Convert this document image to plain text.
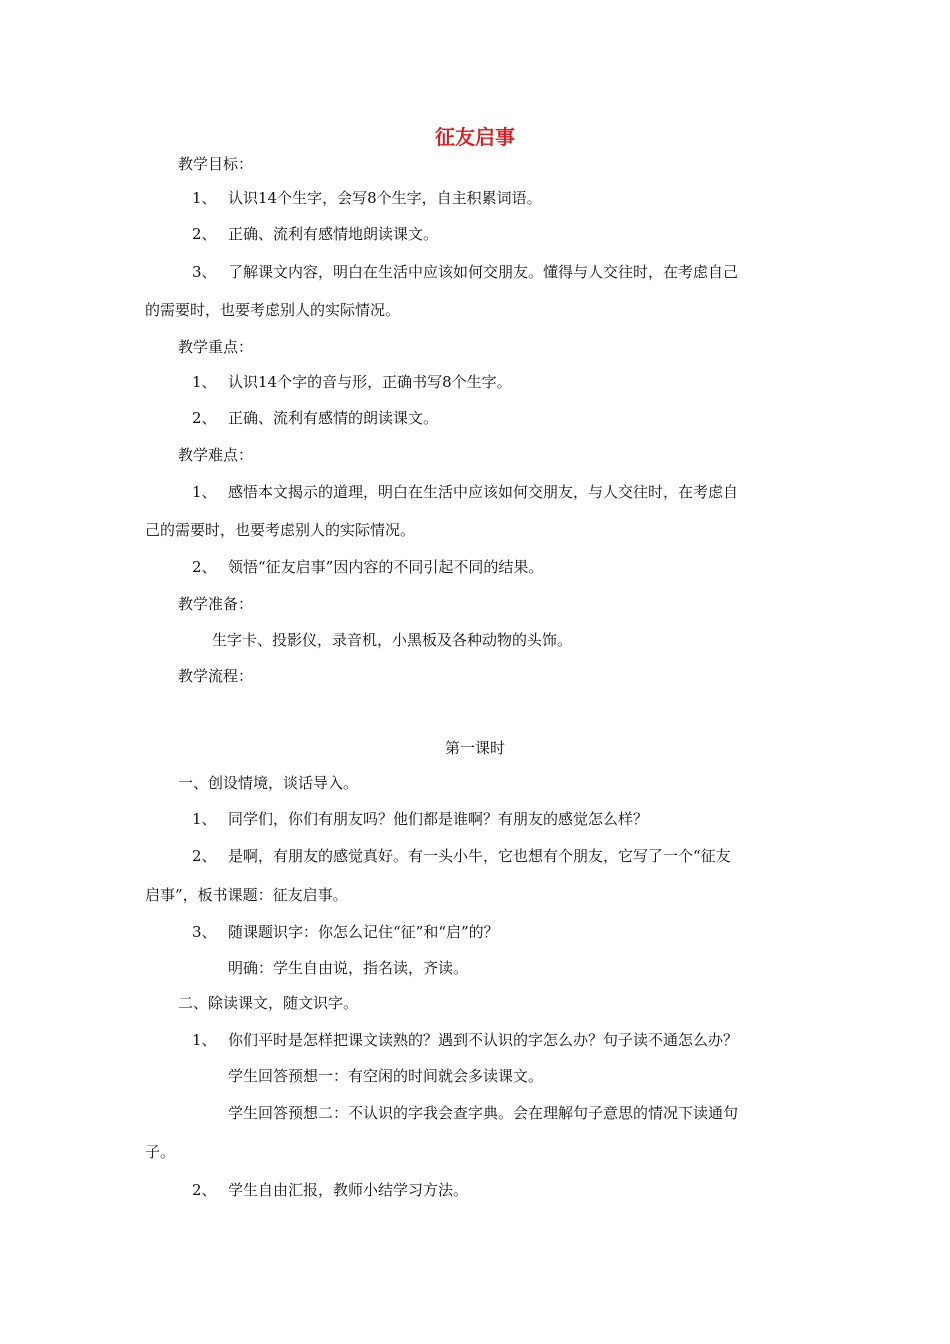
征友启事
教学目标：
1、 认识14个生字，会写8个生字，自主积累词语。
2、 正确、流利有感情地朗读课文。
3、 了解课文内容，明白在生活中应该如何交朋友。懂得与人交往时，在考虑自己
的需要时，也要考虑别人的实际情况。
教学重点：
1、 认识14个字的音与形，正确书写8个生字。
2、 正确、流利有感情的朗读课文。
教学难点：
1、 感悟本文揭示的道理，明白在生活中应该如何交朋友，与人交往时，在考虑自
己的需要时，也要考虑别人的实际情况。
2、 领悟“征友启事”因内容的不同引起不同的结果。
教学准备：
生字卡、投影仪，录音机，小黑板及各种动物的头饰。
教学流程：
第一课时
一、创设情境，谈话导入。
1、 同学们，你们有朋友吗？他们都是谁啊？有朋友的感觉怎么样？
2、 是啊，有朋友的感觉真好。有一头小牛，它也想有个朋友，它写了一个“征友
启事”，板书课题：征友启事。
3、 随课题识字：你怎么记住“征”和“启”的？
明确：学生自由说，指名读，齐读。
二、除读课文，随文识字。
1、 你们平时是怎样把课文读熟的？遇到不认识的字怎么办？句子读不通怎么办？
学生回答预想一：有空闲的时间就会多读课文。
学生回答预想二：不认识的字我会查字典。会在理解句子意思的情况下读通句
子。
2、 学生自由汇报，教师小结学习方法。
